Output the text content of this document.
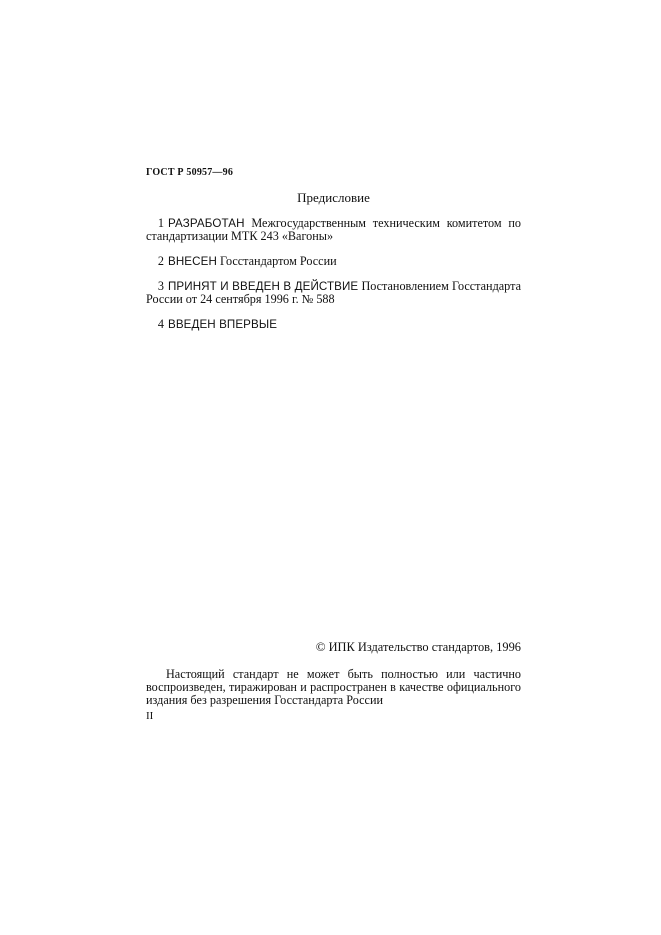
ГОСТ Р 50957—96
Предисловие
1 РАЗРАБОТАН Межгосударственным техническим комитетом по стандартизации МТК 243 «Вагоны»
2 ВНЕСЕН Госстандартом России
3 ПРИНЯТ И ВВЕДЕН В ДЕЙСТВИЕ Постановлением Госстандарта России от 24 сентября 1996 г. № 588
4 ВВЕДЕН ВПЕРВЫЕ
© ИПК Издательство стандартов, 1996
Настоящий стандарт не может быть полностью или частично воспроизведен, тиражирован и распространен в качестве официального издания без разрешения Госстандарта России
II
